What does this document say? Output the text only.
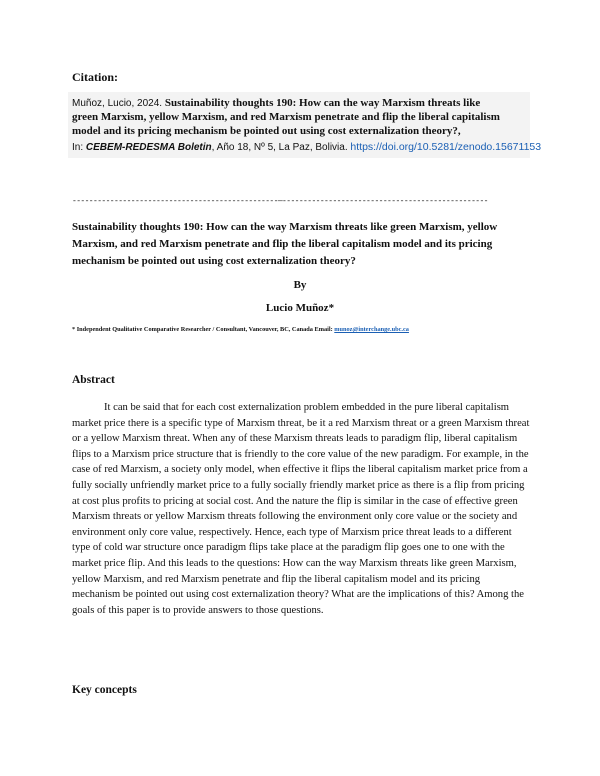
Citation:
Muñoz, Lucio, 2024. Sustainability thoughts 190: How can the way Marxism threats like
green Marxism, yellow Marxism, and red Marxism penetrate and flip the liberal capitalism
model and its pricing mechanism be pointed out using cost externalization theory?,
In: CEBEM-REDESMA Boletin, Año 18, Nº 5, La Paz, Bolivia. https://doi.org/10.5281/zenodo.15671153
-------------------------------------------------—-------------------------------------------------
Sustainability thoughts 190: How can the way Marxism threats like green Marxism, yellow Marxism, and red Marxism penetrate and flip the liberal capitalism model and its pricing mechanism be pointed out using cost externalization theory?
By
Lucio Muñoz*
* Independent Qualitative Comparative Researcher / Consultant, Vancouver, BC, Canada Email: munoz@interchange.ubc.ca
Abstract
It can be said that for each cost externalization problem embedded in the pure liberal capitalism market price there is a specific type of Marxism threat, be it a red Marxism threat or a green Marxism threat or a yellow Marxism threat. When any of these Marxism threats leads to paradigm flip, liberal capitalism flips to a Marxism price structure that is friendly to the core value of the new paradigm. For example, in the case of red Marxism, a society only model, when effective it flips the liberal capitalism market price from a fully socially unfriendly market price to a fully socially friendly market price as there is a flip from pricing at cost plus profits to pricing at social cost. And the nature the flip is similar in the case of effective green Marxism threats or yellow Marxism threats following the environment only core value or the society and environment only core value, respectively. Hence, each type of Marxism price threat leads to a different type of cold war structure once paradigm flips take place at the paradigm flip goes one to one with the market price flip. And this leads to the questions: How can the way Marxism threats like green Marxism, yellow Marxism, and red Marxism penetrate and flip the liberal capitalism model and its pricing mechanism be pointed out using cost externalization theory? What are the implications of this? Among the goals of this paper is to provide answers to those questions.
Key concepts
